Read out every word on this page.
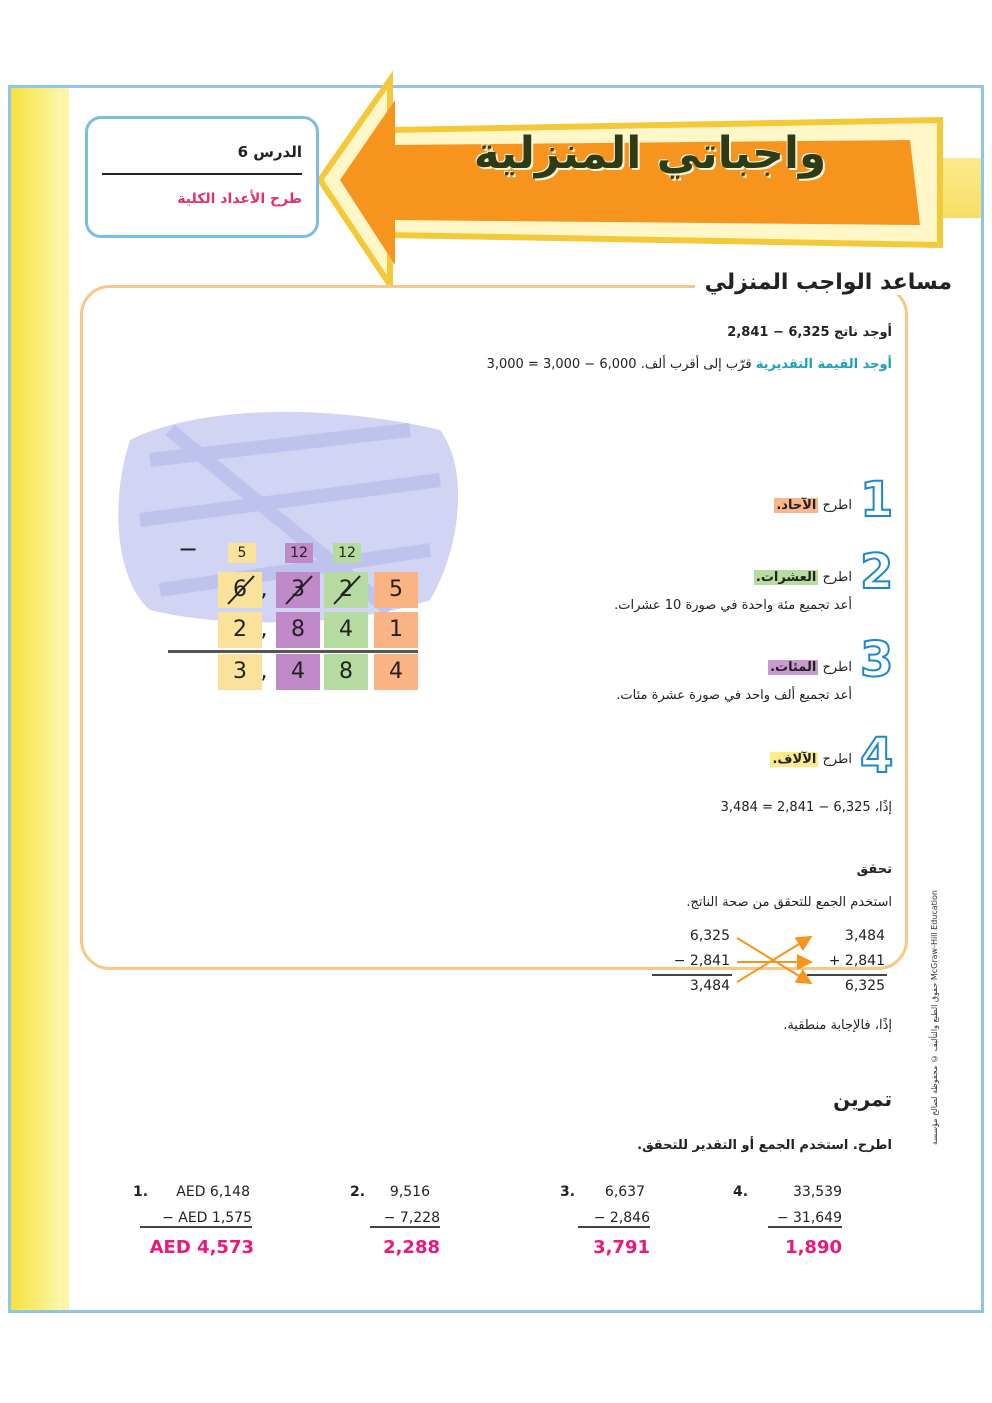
واجباتي المنزلية
الدرس 6
طرح الأعداد الكلية
مساعد الواجب المنزلي
أوجد ناتج 6,325 − 2,841
أوجد القيمة التقديرية قرّب إلى أقرب ألف. 6,000 − 3,000 = 3,000
1
اطرح الآحاد.
2
اطرح العشرات.
أعد تجميع مئة واحدة في صورة 10 عشرات.
3
اطرح المئات.
أعد تجميع ألف واحد في صورة عشرة مئات.
4
اطرح الآلاف.
إذًا، 6,325 − 2,841 = 3,484
5	12	12
6	3	2	5
,
−
2	8	4	1
,
3	4	8	4
,
تحقق
استخدم الجمع للتحقق من صحة الناتج.
6,325
− 2,841
3,484
3,484
+ 2,841
6,325
إذًا، فالإجابة منطقية.
تمرين
اطرح. استخدم الجمع أو التقدير للتحقق.
1.	AED 6,148
− AED 1,575
AED 4,573
2.	9,516
− 7,228
2,288
3.	6,637
− 2,846
3,791
4.	33,539
− 31,649
1,890
حقوق الطبع والتأليف © محفوظة لصالح مؤسسة McGraw-Hill Education
